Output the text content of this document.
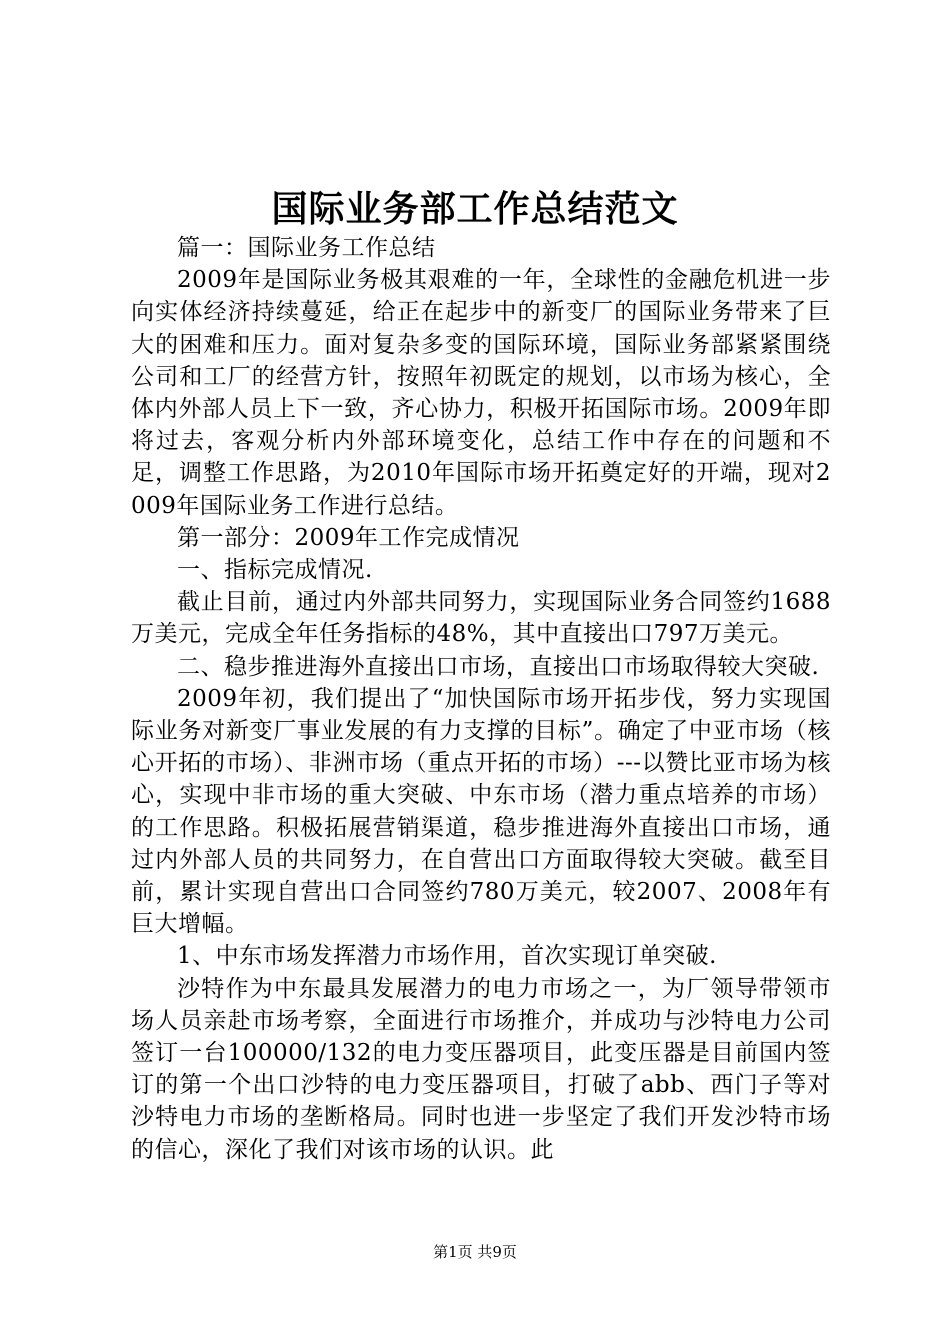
国际业务部工作总结范文

篇一：国际业务工作总结

2009年是国际业务极其艰难的一年，全球性的金融危机进一步向实体经济持续蔓延，给正在起步中的新变厂的国际业务带来了巨大的困难和压力。面对复杂多变的国际环境，国际业务部紧紧围绕公司和工厂的经营方针，按照年初既定的规划，以市场为核心，全体内外部人员上下一致，齐心协力，积极开拓国际市场。2009年即将过去，客观分析内外部环境变化，总结工作中存在的问题和不足，调整工作思路，为2010年国际市场开拓奠定好的开端，现对2009年国际业务工作进行总结。

第一部分：2009年工作完成情况

一、指标完成情况.

截止目前，通过内外部共同努力，实现国际业务合同签约1688万美元，完成全年任务指标的48%，其中直接出口797万美元。

二、稳步推进海外直接出口市场，直接出口市场取得较大突破.

2009年初，我们提出了“加快国际市场开拓步伐，努力实现国际业务对新变厂事业发展的有力支撑的目标”。确定了中亚市场（核心开拓的市场）、非洲市场（重点开拓的市场）---以赞比亚市场为核心，实现中非市场的重大突破、中东市场（潜力重点培养的市场）的工作思路。积极拓展营销渠道，稳步推进海外直接出口市场，通过内外部人员的共同努力，在自营出口方面取得较大突破。截至目前，累计实现自营出口合同签约780万美元，较2007、2008年有巨大增幅。

1、中东市场发挥潜力市场作用，首次实现订单突破.

沙特作为中东最具发展潜力的电力市场之一，为厂领导带领市场人员亲赴市场考察，全面进行市场推介，并成功与沙特电力公司签订一台100000/132的电力变压器项目，此变压器是目前国内签订的第一个出口沙特的电力变压器项目，打破了abb、西门子等对沙特电力市场的垄断格局。同时也进一步坚定了我们开发沙特市场的信心，深化了我们对该市场的认识。此

第1页 共9页
